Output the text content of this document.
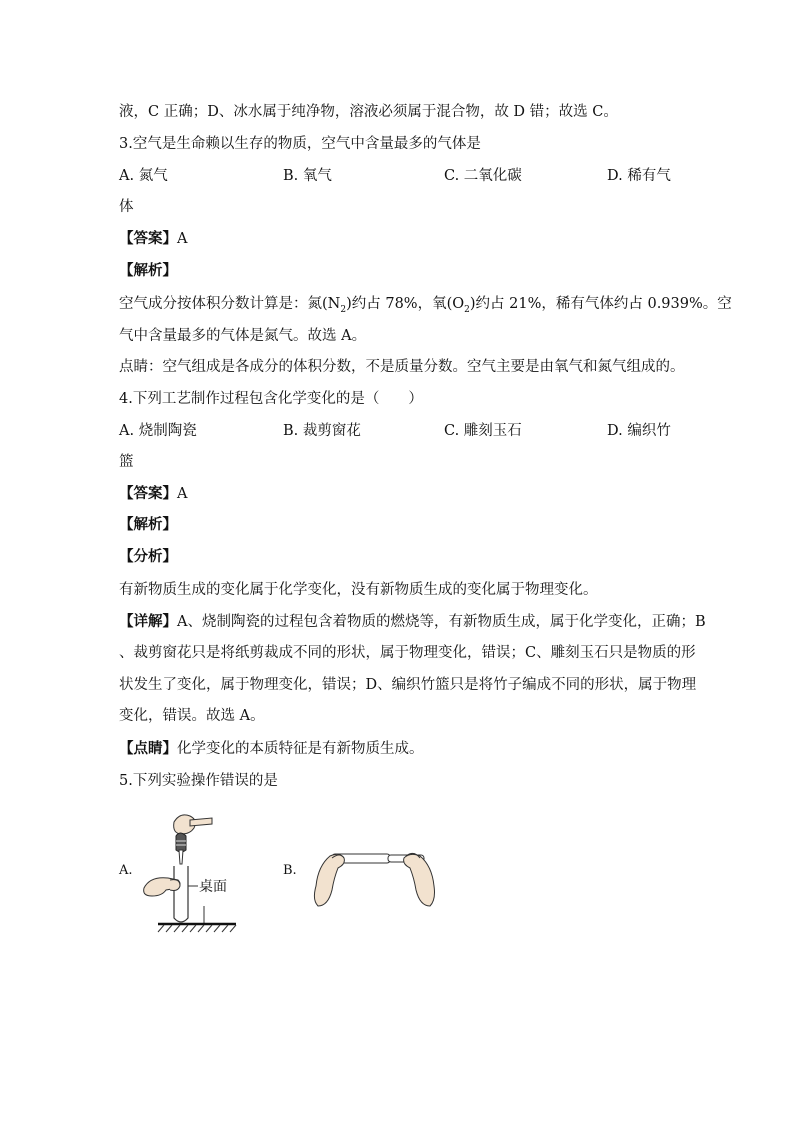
液，C 正确；D、冰水属于纯净物，溶液必须属于混合物，故 D 错；故选 C。
3.空气是生命赖以生存的物质，空气中含量最多的气体是
A. 氮气	B. 氧气	C. 二氧化碳	D. 稀有气
体
【答案】A
【解析】
空气成分按体积分数计算是：氮$(N_2)$约占 78%，氧$(O_2)$约占 21%，稀有气体约占 0.939%。空
气中含量最多的气体是氮气。故选 A。
点睛：空气组成是各成分的体积分数，不是质量分数。空气主要是由氧气和氮气组成的。
4.下列工艺制作过程包含化学变化的是（　　）
A. 烧制陶瓷	B. 裁剪窗花	C. 雕刻玉石	D. 编织竹
篮
【答案】A
【解析】
【分析】
有新物质生成的变化属于化学变化，没有新物质生成的变化属于物理变化。
【详解】A、烧制陶瓷的过程包含着物质的燃烧等，有新物质生成，属于化学变化，正确；B
、裁剪窗花只是将纸剪裁成不同的形状，属于物理变化，错误；C、雕刻玉石只是物质的形
状发生了变化，属于物理变化，错误；D、编织竹篮只是将竹子编成不同的形状，属于物理
变化，错误。故选 A。
【点睛】化学变化的本质特征是有新物质生成。
5.下列实验操作错误的是
A.	B.
桌面
